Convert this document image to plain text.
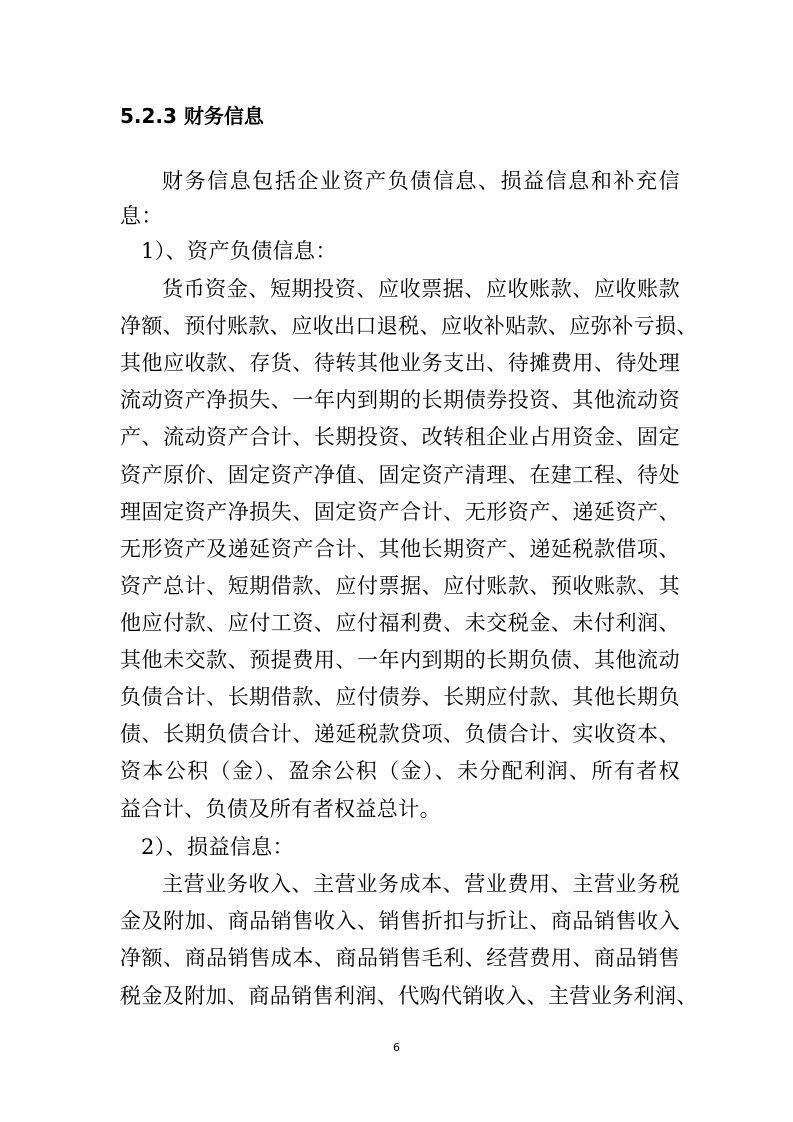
5.2.3 财务信息
财务信息包括企业资产负债信息、损益信息和补充信
息：
1）、资产负债信息：
货币资金、短期投资、应收票据、应收账款、应收账款
净额、预付账款、应收出口退税、应收补贴款、应弥补亏损、
其他应收款、存货、待转其他业务支出、待摊费用、待处理
流动资产净损失、一年内到期的长期债券投资、其他流动资
产、流动资产合计、长期投资、改转租企业占用资金、固定
资产原价、固定资产净值、固定资产清理、在建工程、待处
理固定资产净损失、固定资产合计、无形资产、递延资产、
无形资产及递延资产合计、其他长期资产、递延税款借项、
资产总计、短期借款、应付票据、应付账款、预收账款、其
他应付款、应付工资、应付福利费、未交税金、未付利润、
其他未交款、预提费用、一年内到期的长期负债、其他流动
负债合计、长期借款、应付债券、长期应付款、其他长期负
债、长期负债合计、递延税款贷项、负债合计、实收资本、
资本公积（金）、盈余公积（金）、未分配利润、所有者权
益合计、负债及所有者权益总计。
2）、损益信息：
主营业务收入、主营业务成本、营业费用、主营业务税
金及附加、商品销售收入、销售折扣与折让、商品销售收入
净额、商品销售成本、商品销售毛利、经营费用、商品销售
税金及附加、商品销售利润、代购代销收入、主营业务利润、
6
